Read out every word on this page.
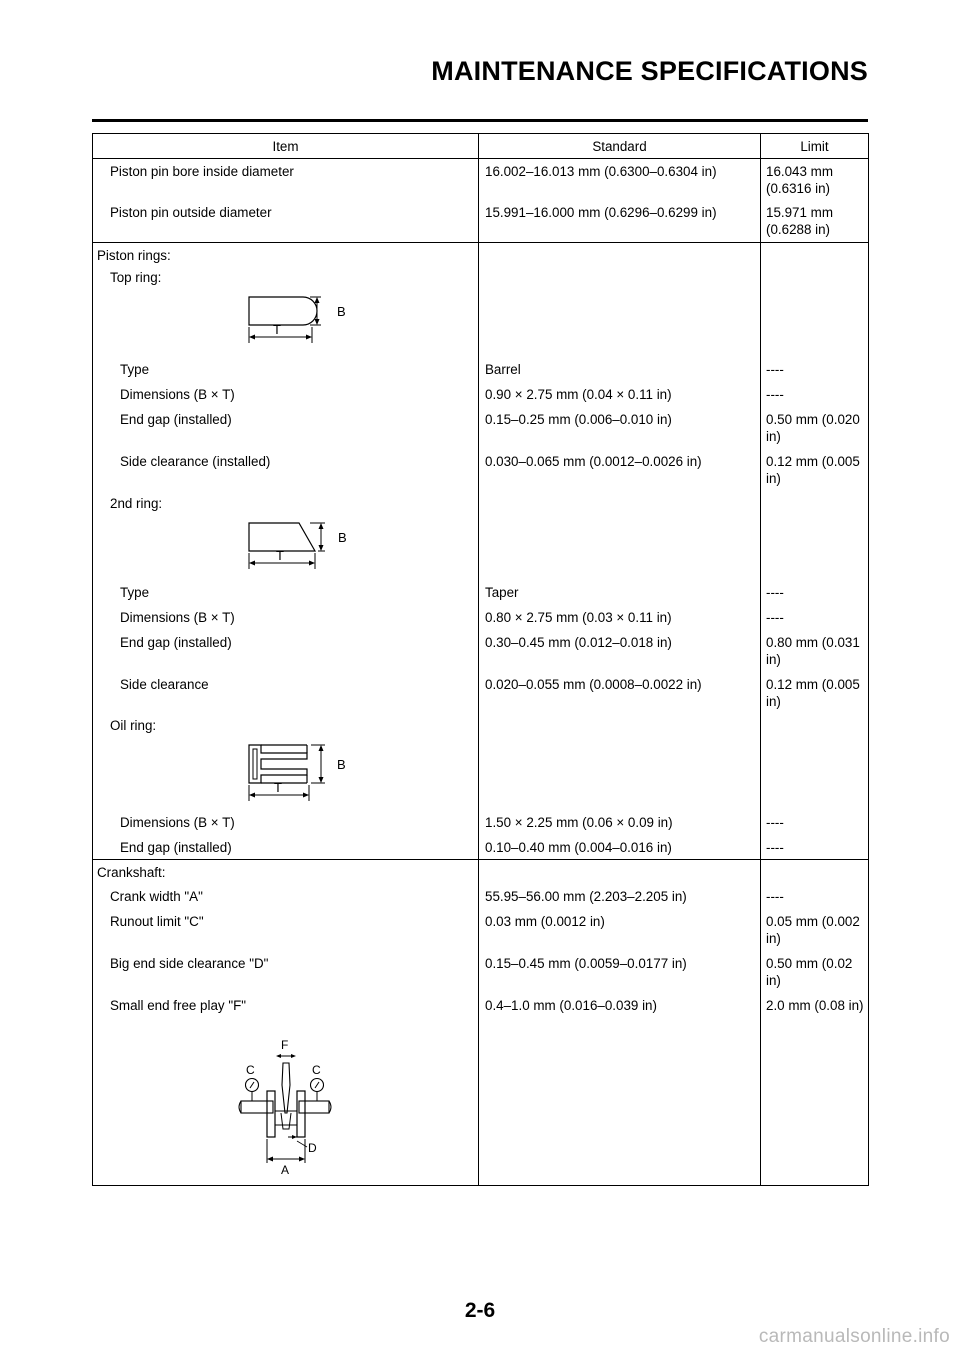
MAINTENANCE SPECIFICATIONS
Item	Standard	Limit
Piston pin bore inside diameter	16.002–16.013 mm (0.6300–0.6304 in)	16.043 mm (0.6316 in)
Piston pin outside diameter	15.991–16.000 mm (0.6296–0.6299 in)	15.971 mm (0.6288 in)
Piston rings:		
Top ring:		

B
T		

Type	Barrel	----
Dimensions (B × T)	0.90 × 2.75 mm (0.04 × 0.11 in)	----
End gap (installed)	0.15–0.25 mm (0.006–0.010 in)	0.50 mm (0.020 in)
Side clearance (installed)	0.030–0.065 mm (0.0012–0.0026 in)	0.12 mm (0.005 in)
2nd ring:		

B
T		

Type	Taper	----
Dimensions (B × T)	0.80 × 2.75 mm (0.03 × 0.11 in)	----
End gap (installed)	0.30–0.45 mm (0.012–0.018 in)	0.80 mm (0.031 in)
Side clearance	0.020–0.055 mm (0.0008–0.0022 in)	0.12 mm (0.005 in)
Oil ring:		

B
T		

Dimensions (B × T)	1.50 × 2.25 mm (0.06 × 0.09 in)	----
End gap (installed)	0.10–0.40 mm (0.004–0.016 in)	----
Crankshaft:		
Crank width "A"	55.95–56.00 mm (2.203–2.205 in)	----
Runout limit "C"	0.03 mm (0.0012 in)	0.05 mm (0.002 in)
Big end side clearance "D"	0.15–0.45 mm (0.0059–0.0177 in)	0.50 mm (0.02 in)
Small end free play "F"	0.4–1.0 mm (0.016–0.039 in)	2.0 mm (0.08 in)

F
C C
D
A		

2-6
carmanualsonline.info
